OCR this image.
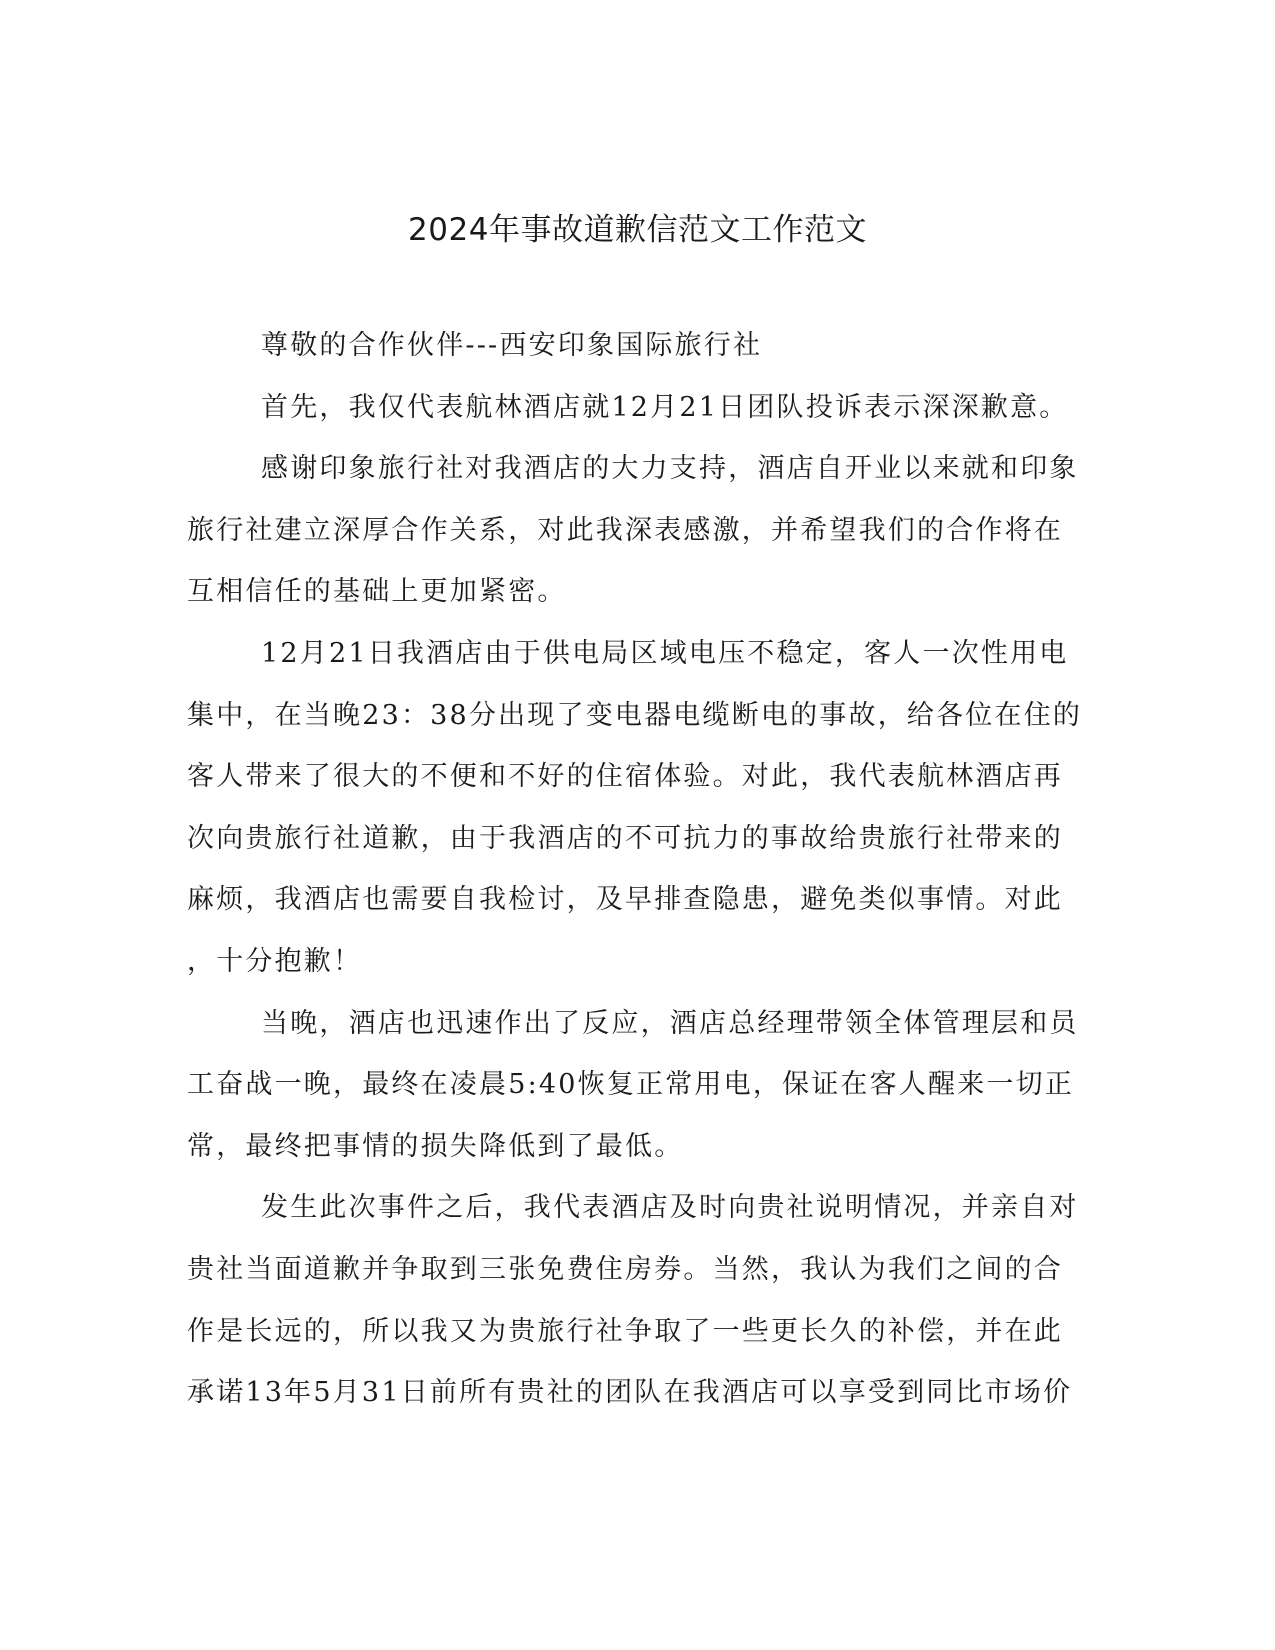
2024年事故道歉信范文工作范文
尊敬的合作伙伴---西安印象国际旅行社
首先，我仅代表航林酒店就12月21日团队投诉表示深深歉意。
感谢印象旅行社对我酒店的大力支持，酒店自开业以来就和印象
旅行社建立深厚合作关系，对此我深表感激，并希望我们的合作将在
互相信任的基础上更加紧密。
12月21日我酒店由于供电局区域电压不稳定，客人一次性用电
集中，在当晚23：38分出现了变电器电缆断电的事故，给各位在住的
客人带来了很大的不便和不好的住宿体验。对此，我代表航林酒店再
次向贵旅行社道歉，由于我酒店的不可抗力的事故给贵旅行社带来的
麻烦，我酒店也需要自我检讨，及早排查隐患，避免类似事情。对此
，十分抱歉！
当晚，酒店也迅速作出了反应，酒店总经理带领全体管理层和员
工奋战一晚，最终在凌晨5:40恢复正常用电，保证在客人醒来一切正
常，最终把事情的损失降低到了最低。
发生此次事件之后，我代表酒店及时向贵社说明情况，并亲自对
贵社当面道歉并争取到三张免费住房券。当然，我认为我们之间的合
作是长远的，所以我又为贵旅行社争取了一些更长久的补偿，并在此
承诺13年5月31日前所有贵社的团队在我酒店可以享受到同比市场价
